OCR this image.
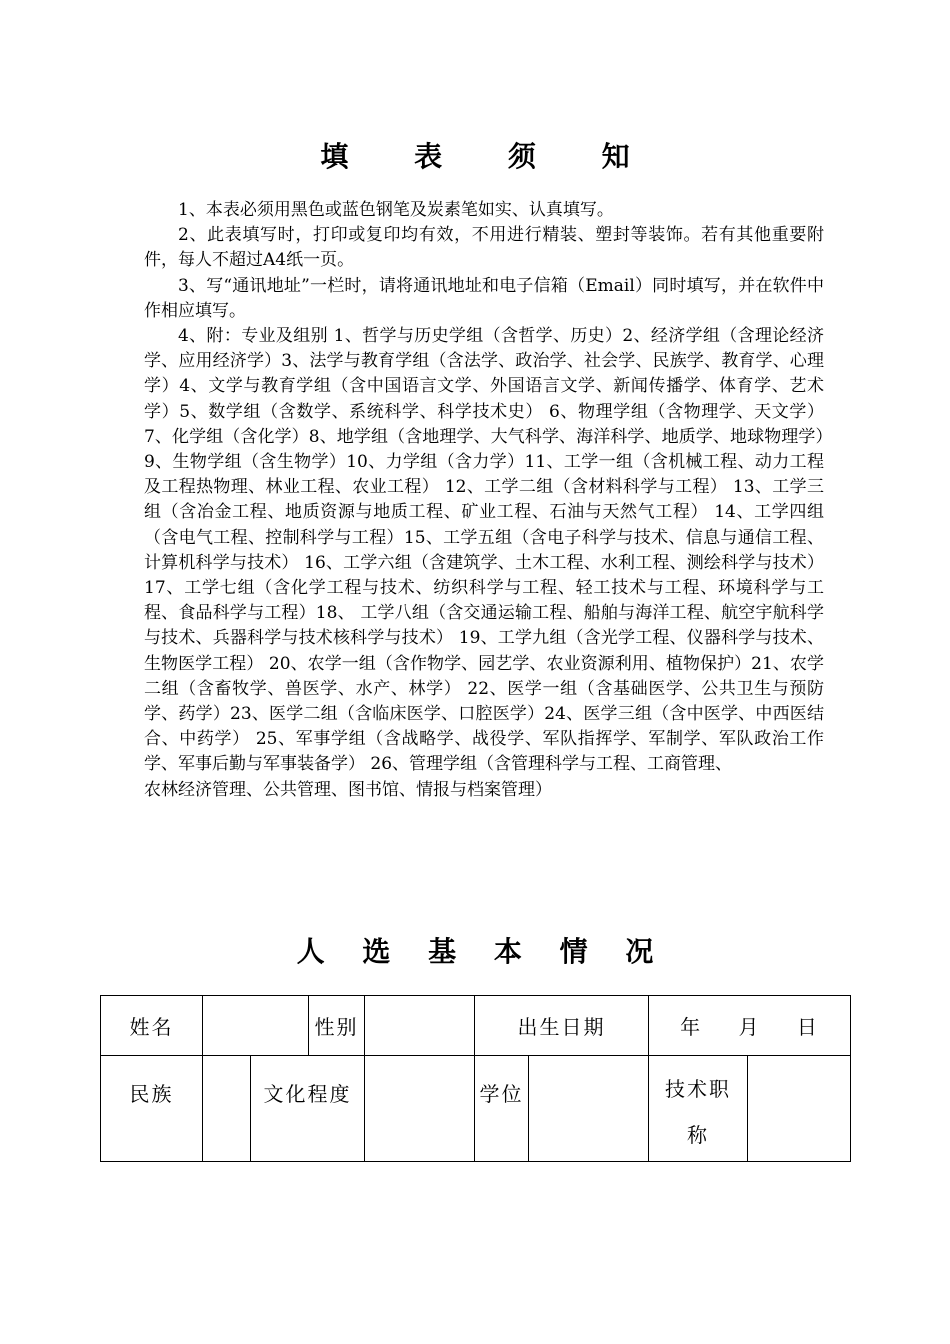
填 表 须 知

1、本表必须用黑色或蓝色钢笔及炭素笔如实、认真填写。

2、此表填写时，打印或复印均有效，不用进行精装、塑封等装饰。若有其他重要附件，每人不超过A4纸一页。

3、写“通讯地址”一栏时，请将通讯地址和电子信箱（Email）同时填写，并在软件中作相应填写。

4、附：专业及组别 1、哲学与历史学组（含哲学、历史）2、经济学组（含理论经济学、应用经济学）3、法学与教育学组（含法学、政治学、社会学、民族学、教育学、心理学）4、文学与教育学组（含中国语言文学、外国语言文学、新闻传播学、体育学、艺术学）5、数学组（含数学、系统科学、科学技术史） 6、物理学组（含物理学、天文学）7、化学组（含化学）8、地学组（含地理学、大气科学、海洋科学、地质学、地球物理学）9、生物学组（含生物学）10、力学组（含力学）11、工学一组（含机械工程、动力工程及工程热物理、林业工程、农业工程） 12、工学二组（含材料科学与工程） 13、工学三组（含冶金工程、地质资源与地质工程、矿业工程、石油与天然气工程） 14、工学四组（含电气工程、控制科学与工程）15、工学五组（含电子科学与技术、信息与通信工程、计算机科学与技术） 16、工学六组（含建筑学、土木工程、水利工程、测绘科学与技术） 17、工学七组（含化学工程与技术、纺织科学与工程、轻工技术与工程、环境科学与工程、食品科学与工程）18、 工学八组（含交通运输工程、船舶与海洋工程、航空宇航科学与技术、兵器科学与技术核科学与技术） 19、工学九组（含光学工程、仪器科学与技术、生物医学工程） 20、农学一组（含作物学、园艺学、农业资源利用、植物保护）21、农学二组（含畜牧学、兽医学、水产、林学） 22、医学一组（含基础医学、公共卫生与预防学、药学）23、医学二组（含临床医学、口腔医学）24、医学三组（含中医学、中西医结合、中药学） 25、军事学组（含战略学、战役学、军队指挥学、军制学、军队政治工作学、军事后勤与军事装备学） 26、管理学组（含管理科学与工程、工商管理、

农林经济管理、公共管理、图书馆、情报与档案管理）

人 选 基 本 情 况
姓名			性别		出生日期		年 月 日	
民族		文化程度			学位		技术职
称	
